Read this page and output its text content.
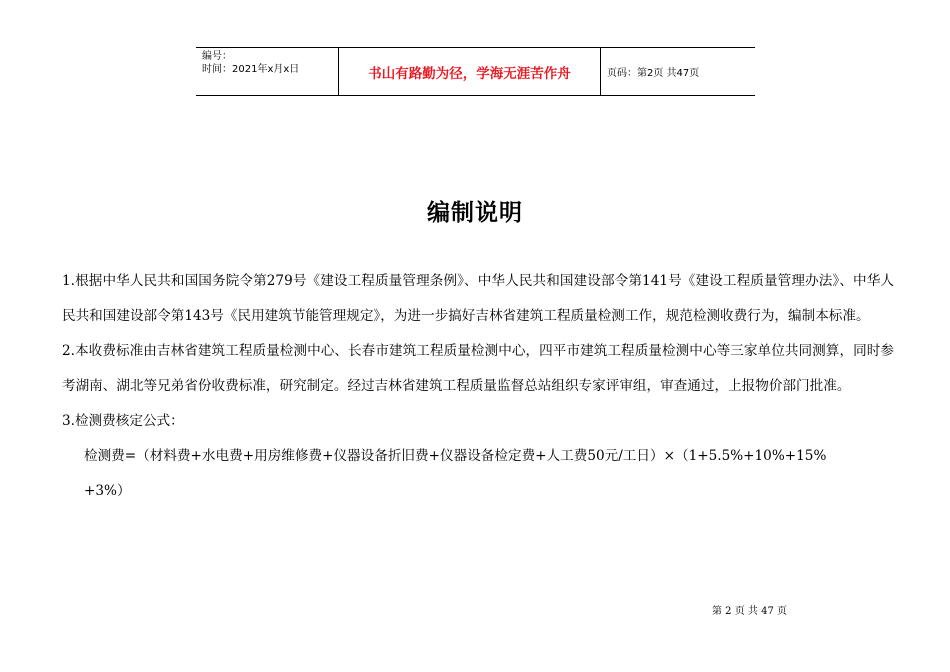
编号：
时间：2021年x月x日	书山有路勤为径，学海无涯苦作舟	页码：第2页 共47页
编制说明

1.根据中华人民共和国国务院令第279号《建设工程质量管理条例》、中华人民共和国建设部令第141号《建设工程质量管理办法》、中华人民共和国建设部令第143号《民用建筑节能管理规定》，为进一步搞好吉林省建筑工程质量检测工作，规范检测收费行为，编制本标准。

2.本收费标准由吉林省建筑工程质量检测中心、长春市建筑工程质量检测中心，四平市建筑工程质量检测中心等三家单位共同测算，同时参考湖南、湖北等兄弟省份收费标准，研究制定。经过吉林省建筑工程质量监督总站组织专家评审组，审查通过，上报物价部门批准。

3.检测费核定公式：

检测费=（材料费+水电费+用房维修费+仪器设备折旧费+仪器设备检定费+人工费50元/工日）×（1+5.5%+10%+15%

+3%）

第 2 页 共 47 页
